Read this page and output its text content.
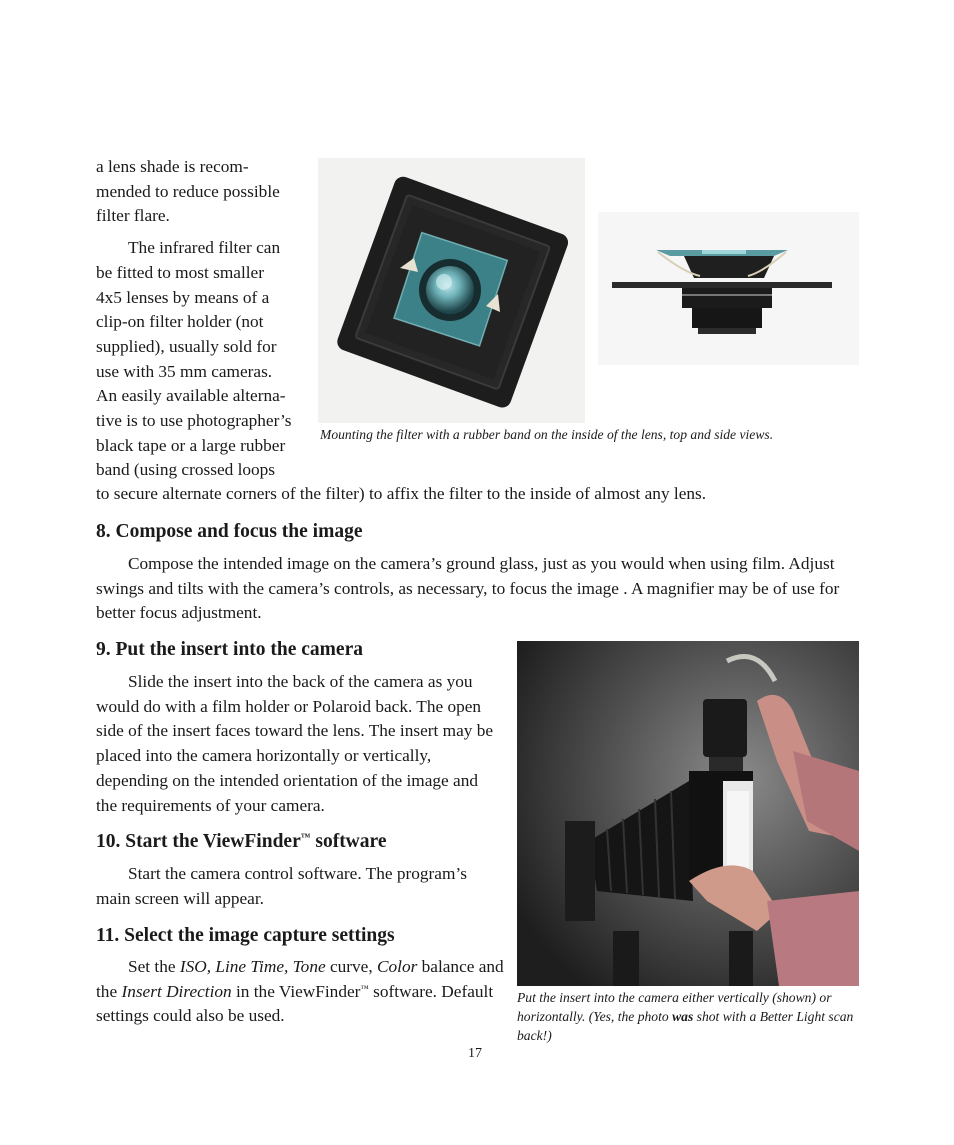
a lens shade is recom-

mended to reduce possible

filter flare.

The infrared filter can

be fitted to most smaller

4x5 lenses by means of a

clip-on filter holder (not

supplied), usually sold for

use with 35 mm cameras.

An easily available alterna-

tive is to use photographer’s

black tape or a large rubber

band (using crossed loops

to secure alternate corners of the filter) to affix the filter to the inside of almost any lens.
Mounting the filter with a rubber band on the inside of the lens, top and side views.
8. Compose and focus the image
Compose the intended image on the camera’s ground glass, just as you would when using film. Adjust swings and tilts with the camera’s controls, as necessary, to focus the image . A magnifier may be of use for better focus adjustment.
9. Put the insert into the camera
Slide the insert into the back of the camera as you would do with a film holder or Polaroid back. The open side of the insert faces toward the lens. The insert may be placed into the camera horizontally or vertically, depending on the intended orientation of the image and the requirements of your camera.
10. Start the ViewFinder™ software
Start the camera control software. The program’s main screen will appear.
11. Select the image capture settings
Set the ISO, Line Time, Tone curve, Color balance and the Insert Direction in the ViewFinder™ software. Default settings could also be used.
Put the insert into the camera either vertically (shown) or horizontally. (Yes, the photo was shot with a Better Light scan back!)
17
